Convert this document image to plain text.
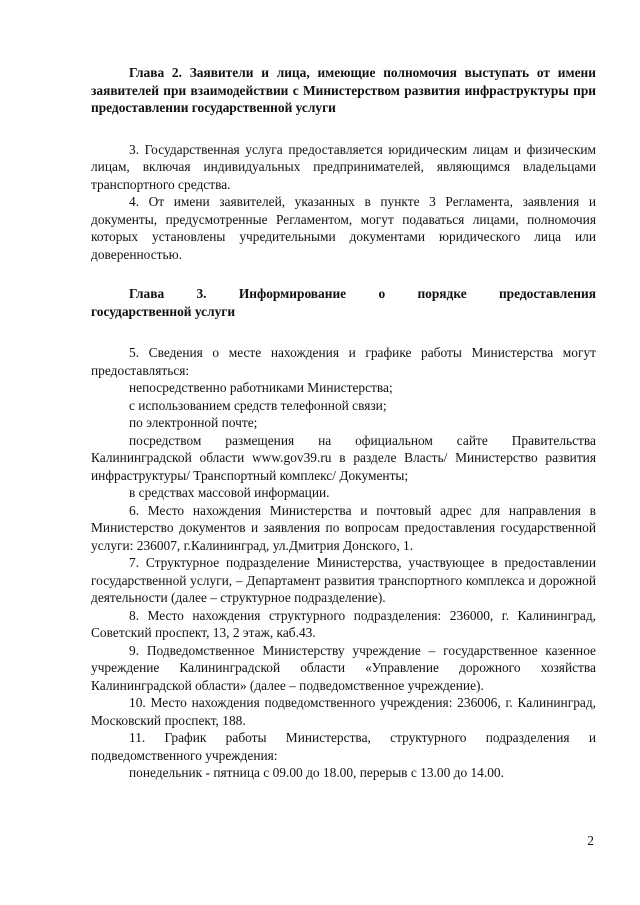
Глава 2. Заявители и лица, имеющие полномочия выступать от имени заявителей при взаимодействии с Министерством развития инфраструктуры при предоставлении государственной услуги

3. Государственная услуга предоставляется юридическим лицам и физическим лицам, включая индивидуальных предпринимателей, являющимся владельцами транспортного средства.

4. От имени заявителей, указанных в пункте 3 Регламента, заявления и документы, предусмотренные Регламентом, могут подаваться лицами, полномочия которых установлены учредительными документами юридического лица или доверенностью.

Глава 3. Информирование о порядке предоставления

государственной услуги

5. Сведения о месте нахождения и графике работы Министерства могут предоставляться:

непосредственно работниками Министерства;

с использованием средств телефонной связи;

по электронной почте;

посредством размещения на официальном сайте Правительства Калининградской области www.gov39.ru в разделе Власть/ Министерство развития инфраструктуры/ Транспортный комплекс/ Документы;

в средствах массовой информации.

6. Место нахождения Министерства и почтовый адрес для направления в Министерство документов и заявления по вопросам предоставления государственной услуги: 236007, г.Калининград, ул.Дмитрия Донского, 1.

7. Структурное подразделение Министерства, участвующее в предоставлении государственной услуги, – Департамент развития транспортного комплекса и дорожной деятельности (далее – структурное подразделение).

8. Место нахождения структурного подразделения: 236000, г. Калининград, Советский проспект, 13, 2 этаж, каб.43.

9. Подведомственное Министерству учреждение – государственное казенное учреждение Калининградской области «Управление дорожного хозяйства Калининградской области» (далее – подведомственное учреждение).

10. Место нахождения подведомственного учреждения: 236006, г. Калининград, Московский проспект, 188.

11. График работы Министерства, структурного подразделения и подведомственного учреждения:

понедельник - пятница с 09.00 до 18.00, перерыв с 13.00 до 14.00.

2
